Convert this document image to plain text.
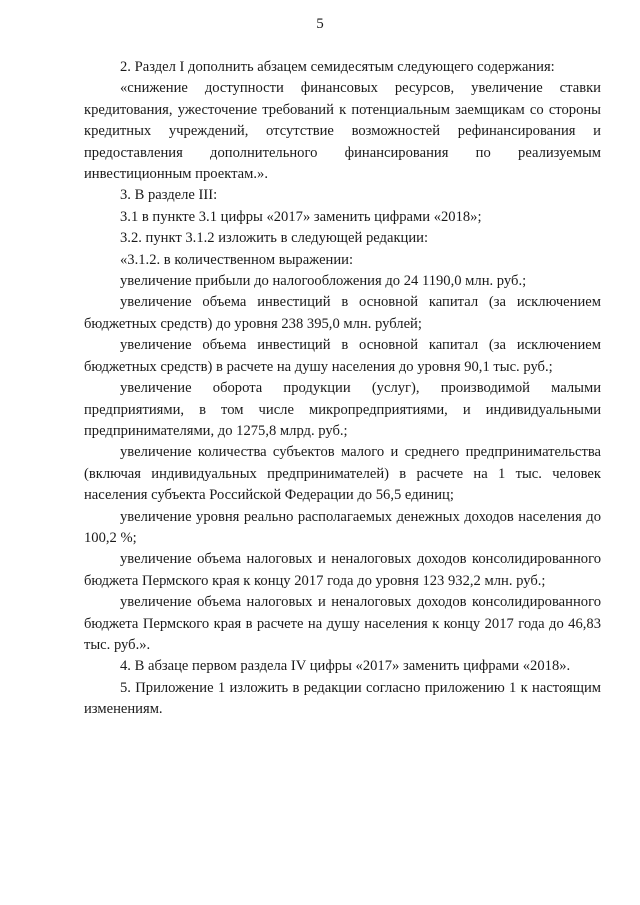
5

2. Раздел I дополнить абзацем семидесятым следующего содержания:

«снижение доступности финансовых ресурсов, увеличение ставки кредитования, ужесточение требований к потенциальным заемщикам со стороны кредитных учреждений, отсутствие возможностей рефинансирования и предоставления дополнительного финансирования по реализуемым инвестиционным проектам.».

3. В разделе III:

3.1 в пункте 3.1 цифры «2017» заменить цифрами «2018»;

3.2. пункт 3.1.2 изложить в следующей редакции:

«3.1.2. в количественном выражении:

увеличение прибыли до налогообложения до 24 1190,0 млн. руб.;

увеличение объема инвестиций в основной капитал (за исключением бюджетных средств) до уровня 238 395,0 млн. рублей;

увеличение объема инвестиций в основной капитал (за исключением бюджетных средств) в расчете на душу населения до уровня 90,1 тыс. руб.;

увеличение оборота продукции (услуг), производимой малыми предприятиями, в том числе микропредприятиями, и индивидуальными предпринимателями, до 1275,8 млрд. руб.;

увеличение количества субъектов малого и среднего предпринимательства (включая индивидуальных предпринимателей) в расчете на 1 тыс. человек населения субъекта Российской Федерации до 56,5 единиц;

увеличение уровня реально располагаемых денежных доходов населения до 100,2 %;

увеличение объема налоговых и неналоговых доходов консолидированного бюджета Пермского края к концу 2017 года до уровня 123 932,2 млн. руб.;

увеличение объема налоговых и неналоговых доходов консолидированного бюджета Пермского края в расчете на душу населения к концу 2017 года до 46,83 тыс. руб.».

4. В абзаце первом раздела IV цифры «2017» заменить цифрами «2018».

5. Приложение 1 изложить в редакции согласно приложению 1 к настоящим изменениям.
